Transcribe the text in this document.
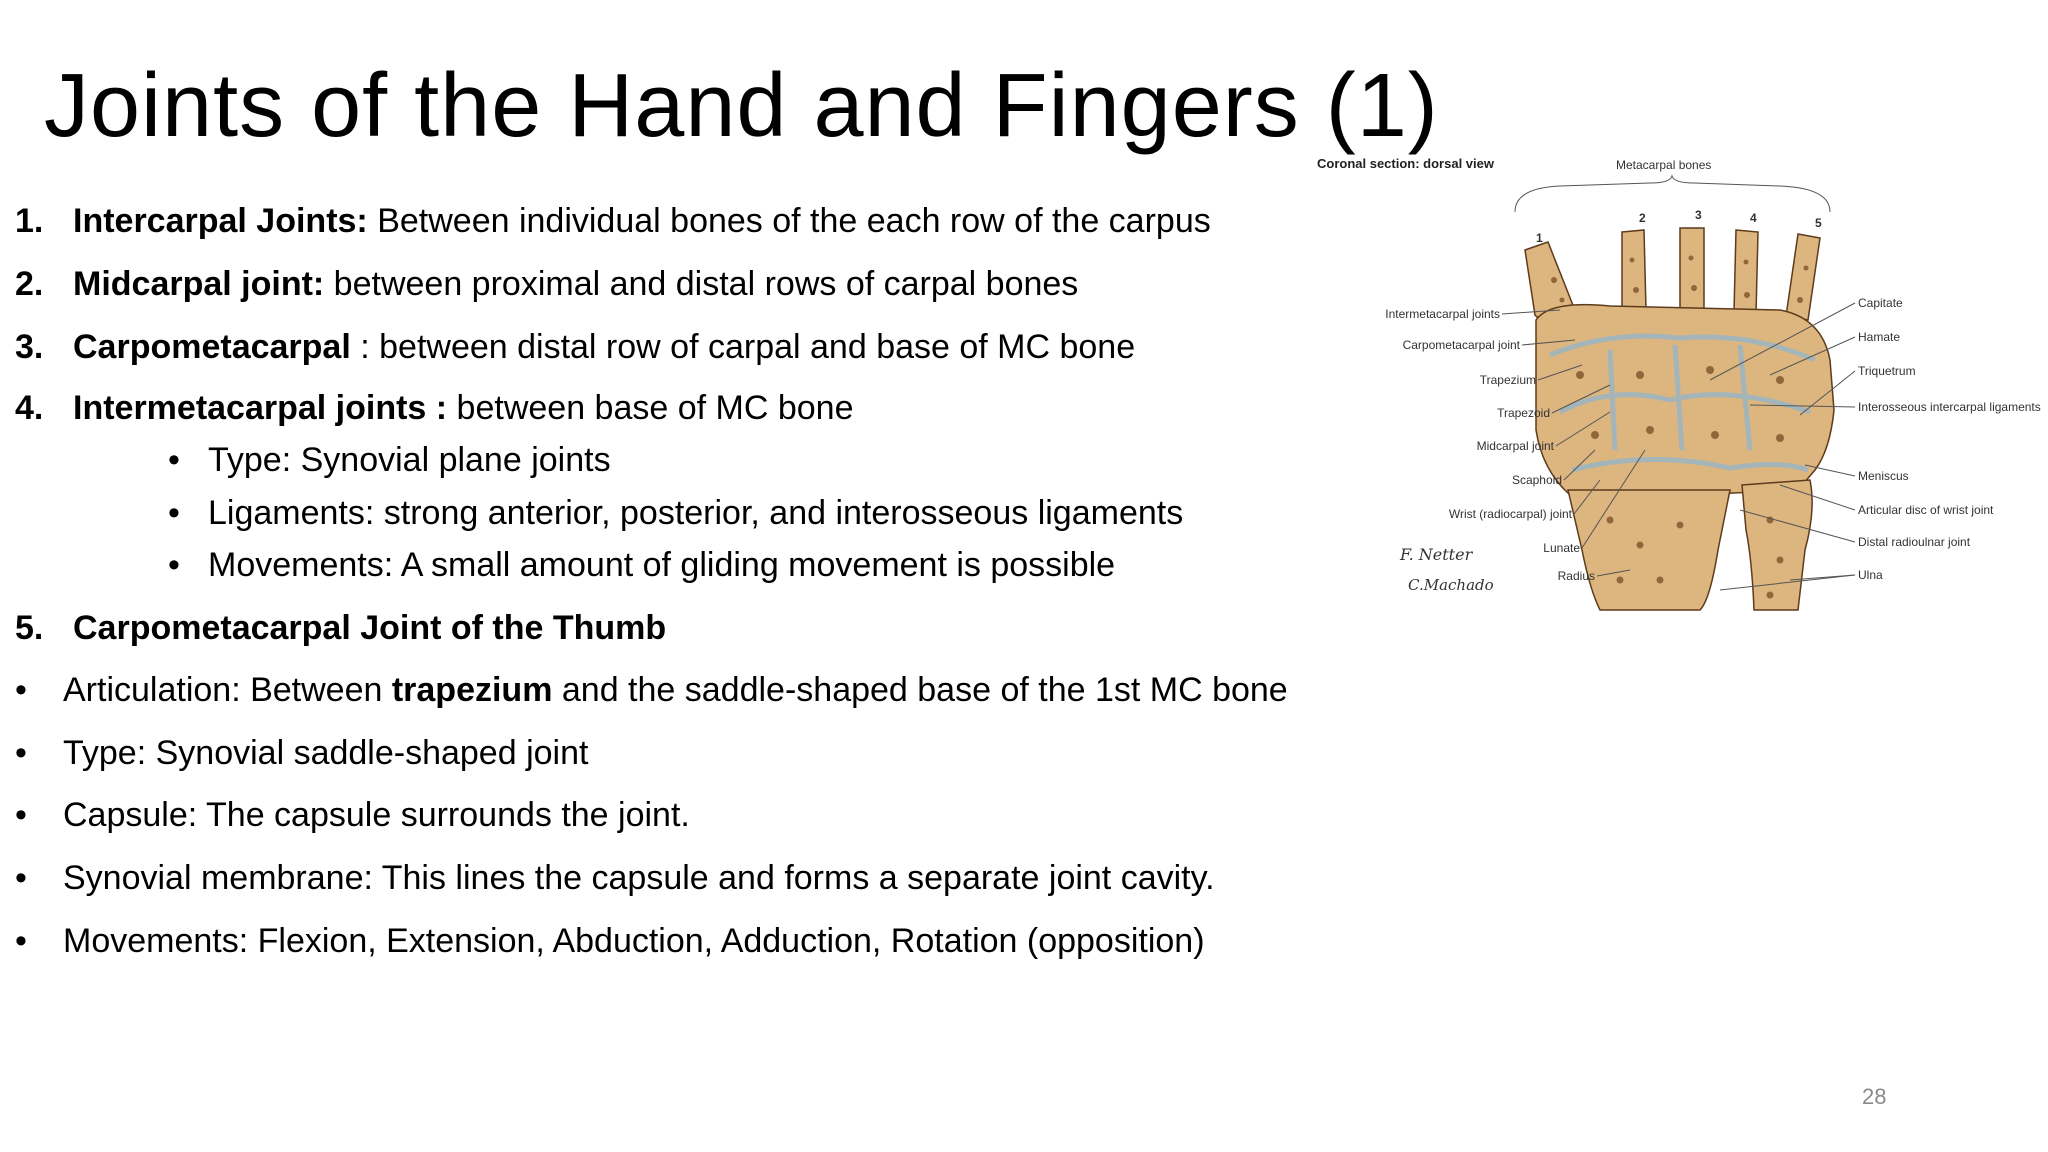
Joints of the Hand and Fingers (1)
1. Intercarpal Joints: Between individual bones of the each row of the carpus
2. Midcarpal joint: between proximal and distal rows of carpal bones
3. Carpometacarpal : between distal row of carpal and base of MC bone
4. Intermetacarpal joints : between base of MC bone
• Type: Synovial plane joints
• Ligaments: strong anterior, posterior, and interosseous ligaments
• Movements: A small amount of gliding movement is possible
5. Carpometacarpal Joint of the Thumb
• Articulation: Between trapezium and the saddle-shaped base of the 1st MC bone
• Type: Synovial saddle-shaped joint
• Capsule: The capsule surrounds the joint.
• Synovial membrane: This lines the capsule and forms a separate joint cavity.
• Movements: Flexion, Extension, Abduction, Adduction, Rotation (opposition)
Coronal section: dorsal view	Metacarpal bones
1
2	3	4	5
Intermetacarpal joints
Carpometacarpal joint
Trapezium
Trapezoid
Midcarpal joint
Scaphoid
Wrist (radiocarpal) joint
Lunate
Radius
Capitate
Hamate
Triquetrum
Interosseous intercarpal ligaments
Meniscus
Articular disc of wrist joint
Distal radioulnar joint
Ulna
F. Netter
C.Machado
28
